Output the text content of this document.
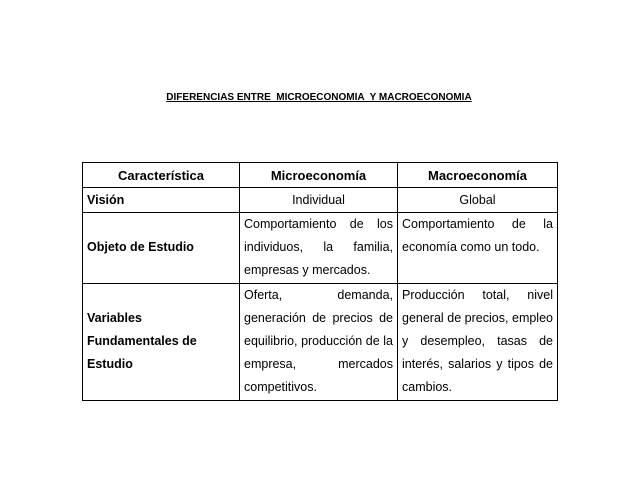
DIFERENCIAS ENTRE  MICROECONOMIA  Y MACROECONOMIA
Característica	Microeconomía	Macroeconomía
Visión	Individual	Global
Objeto de Estudio	Comportamiento de los individuos, la familia, empresas y mercados.	Comportamiento de la economía como un todo.

Variables Fundamentales de Estudio	Oferta, demanda, generación de precios de equilibrio, producción de la empresa, mercados competitivos.	Producción total, nivel general de precios, empleo y desempleo, tasas de interés, salarios y tipos de cambios.
